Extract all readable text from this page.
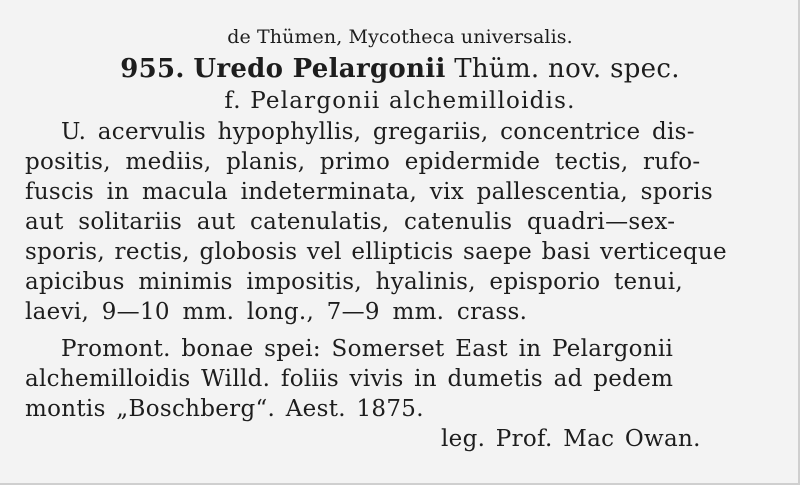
de Thümen, Mycotheca universalis.
955. Uredo Pelargonii Thüm. nov. spec.
f. Pelargonii alchemilloidis.
U. acervulis hypophyllis, gregariis, concentrice dis-
positis, mediis, planis, primo epidermide tectis, rufo-
fuscis in macula indeterminata, vix pallescentia, sporis
aut solitariis aut catenulatis, catenulis quadri—sex-
sporis, rectis, globosis vel ellipticis saepe basi verticeque
apicibus minimis impositis, hyalinis, episporio tenui,
laevi, 9—10 mm. long., 7—9 mm. crass.
Promont. bonae spei: Somerset East in Pelargonii
alchemilloidis Willd. foliis vivis in dumetis ad pedem
montis „Boschberg“. Aest. 1875.
leg. Prof. Mac Owan.
